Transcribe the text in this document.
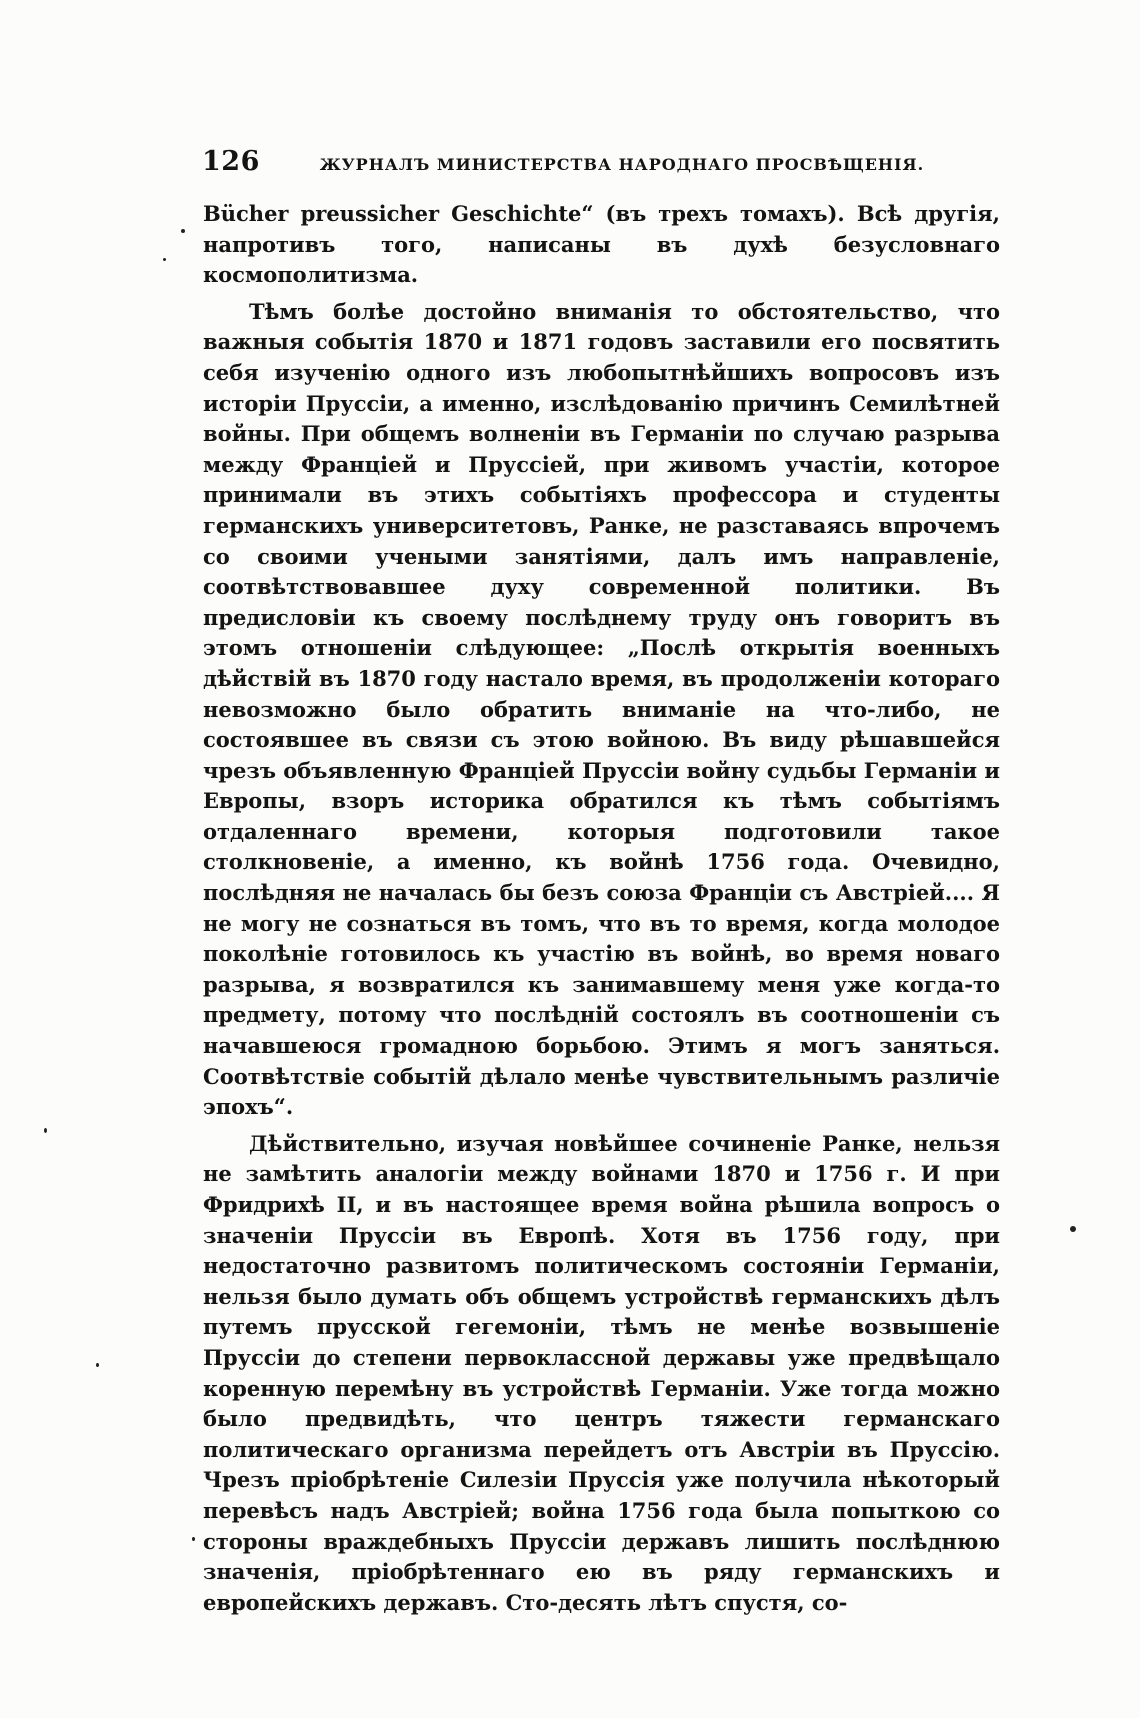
126	ЖУРНАЛЪ МИНИСТЕРСТВА НАРОДНАГО ПРОСВѢЩЕНІЯ.

Bücher preussicher Geschichte“ (въ трехъ томахъ). Всѣ другія, напротивъ того, написаны въ духѣ безусловнаго космополитизма.

Тѣмъ болѣе достойно вниманія то обстоятельство, что важныя событія 1870 и 1871 годовъ заставили его посвятить себя изученію одного изъ любопытнѣйшихъ вопросовъ изъ исторіи Пруссіи, а именно, изслѣдованію причинъ Семилѣтней войны. При общемъ волненіи въ Германіи по случаю разрыва между Франціей и Пруссіей, при живомъ участіи, которое принимали въ этихъ событіяхъ профессора и студенты германскихъ университетовъ, Ранке, не разставаясь впрочемъ со своими учеными занятіями, далъ имъ направленіе, соотвѣтствовавшее духу современной политики. Въ предисловіи къ своему послѣднему труду онъ говоритъ въ этомъ отношеніи слѣдующее: „Послѣ открытія военныхъ дѣйствій въ 1870 году настало время, въ продолженіи котораго невозможно было обратить вниманіе на что-либо, не состоявшее въ связи съ этою войною. Въ виду рѣшавшейся чрезъ объявленную Франціей Пруссіи войну судьбы Германіи и Европы, взоръ историка обратился къ тѣмъ событіямъ отдаленнаго времени, которыя подготовили такое столкновеніе, а именно, къ войнѣ 1756 года. Очевидно, послѣдняя не началась бы безъ союза Франціи съ Австріей.... Я не могу не сознаться въ томъ, что въ то время, когда молодое поколѣніе готовилось къ участію въ войнѣ, во время новаго разрыва, я возвратился къ занимавшему меня уже когда-то предмету, потому что послѣдній состоялъ въ соотношеніи съ начавшеюся громадною борьбою. Этимъ я могъ заняться. Соотвѣтствіе событій дѣлало менѣе чувствительнымъ различіе эпохъ“.

Дѣйствительно, изучая новѣйшее сочиненіе Ранке, нельзя не замѣтить аналогіи между войнами 1870 и 1756 г. И при Фридрихѣ II, и въ настоящее время война рѣшила вопросъ о значеніи Пруссіи въ Европѣ. Хотя въ 1756 году, при недостаточно развитомъ политическомъ состояніи Германіи, нельзя было думать объ общемъ устройствѣ германскихъ дѣлъ путемъ прусской гегемоніи, тѣмъ не менѣе возвышеніе Пруссіи до степени первоклассной державы уже предвѣщало коренную перемѣну въ устройствѣ Германіи. Уже тогда можно было предвидѣть, что центръ тяжести германскаго политическаго организма перейдетъ отъ Австріи въ Пруссію. Чрезъ пріобрѣтеніе Силезіи Пруссія уже получила нѣкоторый перевѣсъ надъ Австріей; война 1756 года была попыткою со стороны враждебныхъ Пруссіи державъ лишить послѣднюю значенія, пріобрѣтеннаго ею въ ряду германскихъ и европейскихъ державъ. Сто-десять лѣтъ спустя, со-
